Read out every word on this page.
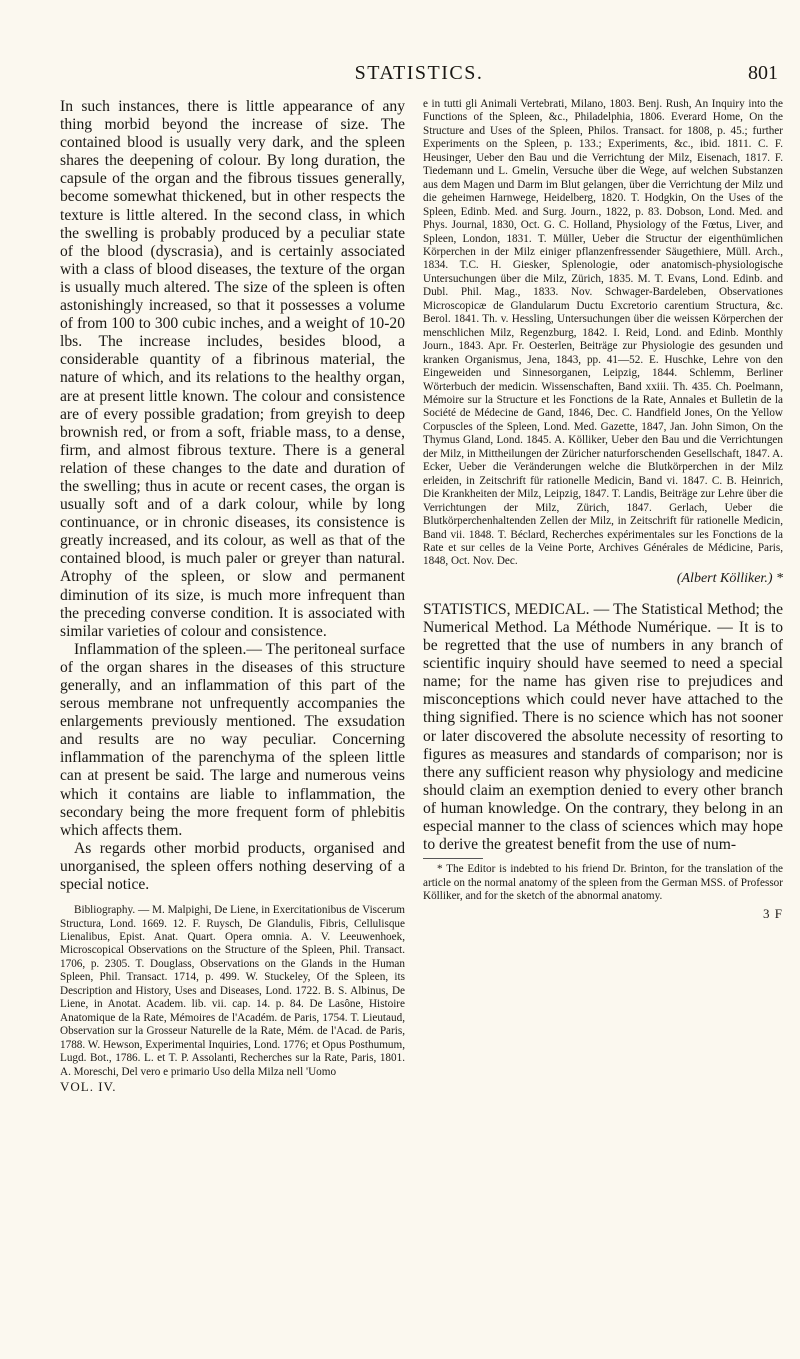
STATISTICS.	801

In such instances, there is little appearance of any thing morbid beyond the increase of size. The contained blood is usually very dark, and the spleen shares the deepening of colour. By long duration, the capsule of the organ and the fibrous tissues generally, become somewhat thickened, but in other respects the texture is little altered. In the second class, in which the swelling is probably produced by a peculiar state of the blood (dyscrasia), and is certainly associated with a class of blood diseases, the texture of the organ is usually much altered. The size of the spleen is often astonishingly increased, so that it possesses a volume of from 100 to 300 cubic inches, and a weight of 10-20 lbs. The increase includes, besides blood, a considerable quantity of a fibrinous material, the nature of which, and its relations to the healthy organ, are at present little known. The colour and consistence are of every possible gradation; from greyish to deep brownish red, or from a soft, friable mass, to a dense, firm, and almost fibrous texture. There is a general relation of these changes to the date and duration of the swelling; thus in acute or recent cases, the organ is usually soft and of a dark colour, while by long continuance, or in chronic diseases, its consistence is greatly increased, and its colour, as well as that of the contained blood, is much paler or greyer than natural. Atrophy of the spleen, or slow and permanent diminution of its size, is much more infrequent than the preceding converse condition. It is associated with similar varieties of colour and consistence.

Inflammation of the spleen.— The peritoneal surface of the organ shares in the diseases of this structure generally, and an inflammation of this part of the serous membrane not unfrequently accompanies the enlargements previously mentioned. The exsudation and results are no way peculiar. Concerning inflammation of the parenchyma of the spleen little can at present be said. The large and numerous veins which it contains are liable to inflammation, the secondary being the more frequent form of phlebitis which affects them.

As regards other morbid products, organised and unorganised, the spleen offers nothing deserving of a special notice.

Bibliography. — M. Malpighi, De Liene, in Exercitationibus de Viscerum Structura, Lond. 1669. 12. F. Ruysch, De Glandulis, Fibris, Cellulisque Lienalibus, Epist. Anat. Quart. Opera omnia. A. V. Leeuwenhoek, Microscopical Observations on the Structure of the Spleen, Phil. Transact. 1706, p. 2305. T. Douglass, Observations on the Glands in the Human Spleen, Phil. Transact. 1714, p. 499. W. Stuckeley, Of the Spleen, its Description and History, Uses and Diseases, Lond. 1722. B. S. Albinus, De Liene, in Anotat. Academ. lib. vii. cap. 14. p. 84. De Lasône, Histoire Anatomique de la Rate, Mémoires de l'Académ. de Paris, 1754. T. Lieutaud, Observation sur la Grosseur Naturelle de la Rate, Mém. de l'Acad. de Paris, 1788. W. Hewson, Experimental Inquiries, Lond. 1776; et Opus Posthumum, Lugd. Bot., 1786. L. et T. P. Assolanti, Recherches sur la Rate, Paris, 1801. A. Moreschi, Del vero e primario Uso della Milza nell 'Uomo

VOL. IV.

e in tutti gli Animali Vertebrati, Milano, 1803. Benj. Rush, An Inquiry into the Functions of the Spleen, &c., Philadelphia, 1806. Everard Home, On the Structure and Uses of the Spleen, Philos. Transact. for 1808, p. 45.; further Experiments on the Spleen, p. 133.; Experiments, &c., ibid. 1811. C. F. Heusinger, Ueber den Bau und die Verrichtung der Milz, Eisenach, 1817. F. Tiedemann und L. Gmelin, Versuche über die Wege, auf welchen Substanzen aus dem Magen und Darm im Blut gelangen, über die Verrichtung der Milz und die geheimen Harnwege, Heidelberg, 1820. T. Hodgkin, On the Uses of the Spleen, Edinb. Med. and Surg. Journ., 1822, p. 83. Dobson, Lond. Med. and Phys. Journal, 1830, Oct. G. C. Holland, Physiology of the Fœtus, Liver, and Spleen, London, 1831. T. Müller, Ueber die Structur der eigenthümlichen Körperchen in der Milz einiger pflanzenfressender Säugethiere, Müll. Arch., 1834. T.C. H. Giesker, Splenologie, oder anatomisch-physiologische Untersuchungen über die Milz, Zürich, 1835. M. T. Evans, Lond. Edinb. and Dubl. Phil. Mag., 1833. Nov. Schwager-Bardeleben, Observationes Microscopicæ de Glandularum Ductu Excretorio carentium Structura, &c. Berol. 1841. Th. v. Hessling, Untersuchungen über die weissen Körperchen der menschlichen Milz, Regenzburg, 1842. I. Reid, Lond. and Edinb. Monthly Journ., 1843. Apr. Fr. Oesterlen, Beiträge zur Physiologie des gesunden und kranken Organismus, Jena, 1843, pp. 41—52. E. Huschke, Lehre von den Eingeweiden und Sinnesorganen, Leipzig, 1844. Schlemm, Berliner Wörterbuch der medicin. Wissenschaften, Band xxiii. Th. 435. Ch. Poelmann, Mémoire sur la Structure et les Fonctions de la Rate, Annales et Bulletin de la Société de Médecine de Gand, 1846, Dec. C. Handfield Jones, On the Yellow Corpuscles of the Spleen, Lond. Med. Gazette, 1847, Jan. John Simon, On the Thymus Gland, Lond. 1845. A. Kölliker, Ueber den Bau und die Verrichtungen der Milz, in Mittheilungen der Züricher naturforschenden Gesellschaft, 1847. A. Ecker, Ueber die Veränderungen welche die Blutkörperchen in der Milz erleiden, in Zeitschrift für rationelle Medicin, Band vi. 1847. C. B. Heinrich, Die Krankheiten der Milz, Leipzig, 1847. T. Landis, Beiträge zur Lehre über die Verrichtungen der Milz, Zürich, 1847. Gerlach, Ueber die Blutkörperchenhaltenden Zellen der Milz, in Zeitschrift für rationelle Medicin, Band vii. 1848. T. Béclard, Recherches expérimentales sur les Fonctions de la Rate et sur celles de la Veine Porte, Archives Générales de Médicine, Paris, 1848, Oct. Nov. Dec.

(Albert Kölliker.) *

STATISTICS, MEDICAL. — The Statistical Method; the Numerical Method. La Méthode Numérique. — It is to be regretted that the use of numbers in any branch of scientific inquiry should have seemed to need a special name; for the name has given rise to prejudices and misconceptions which could never have attached to the thing signified. There is no science which has not sooner or later discovered the absolute necessity of resorting to figures as measures and standards of comparison; nor is there any sufficient reason why physiology and medicine should claim an exemption denied to every other branch of human knowledge. On the contrary, they belong in an especial manner to the class of sciences which may hope to derive the greatest benefit from the use of num-

* The Editor is indebted to his friend Dr. Brinton, for the translation of the article on the normal anatomy of the spleen from the German MSS. of Professor Kölliker, and for the sketch of the abnormal anatomy.

3 F
